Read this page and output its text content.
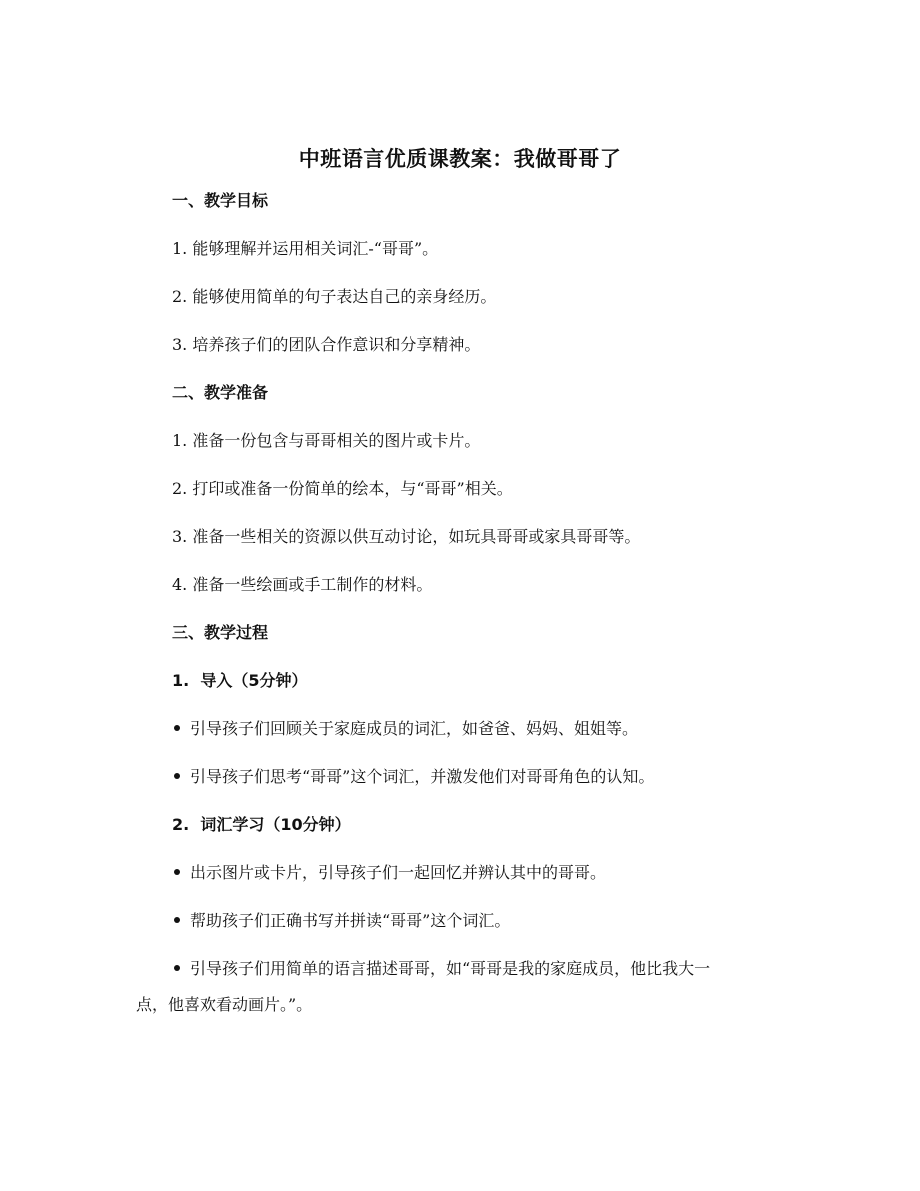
中班语言优质课教案：我做哥哥了
一、教学目标
1. 能够理解并运用相关词汇-“哥哥”。
2. 能够使用简单的句子表达自己的亲身经历。
3. 培养孩子们的团队合作意识和分享精神。
二、教学准备
1. 准备一份包含与哥哥相关的图片或卡片。
2. 打印或准备一份简单的绘本，与“哥哥”相关。
3. 准备一些相关的资源以供互动讨论，如玩具哥哥或家具哥哥等。
4. 准备一些绘画或手工制作的材料。
三、教学过程
1.  导入（5分钟）
引导孩子们回顾关于家庭成员的词汇，如爸爸、妈妈、姐姐等。
引导孩子们思考“哥哥”这个词汇，并激发他们对哥哥角色的认知。
2.  词汇学习（10分钟）
出示图片或卡片，引导孩子们一起回忆并辨认其中的哥哥。
帮助孩子们正确书写并拼读“哥哥”这个词汇。
引导孩子们用简单的语言描述哥哥，如“哥哥是我的家庭成员，他比我大一
点，他喜欢看动画片。”。
